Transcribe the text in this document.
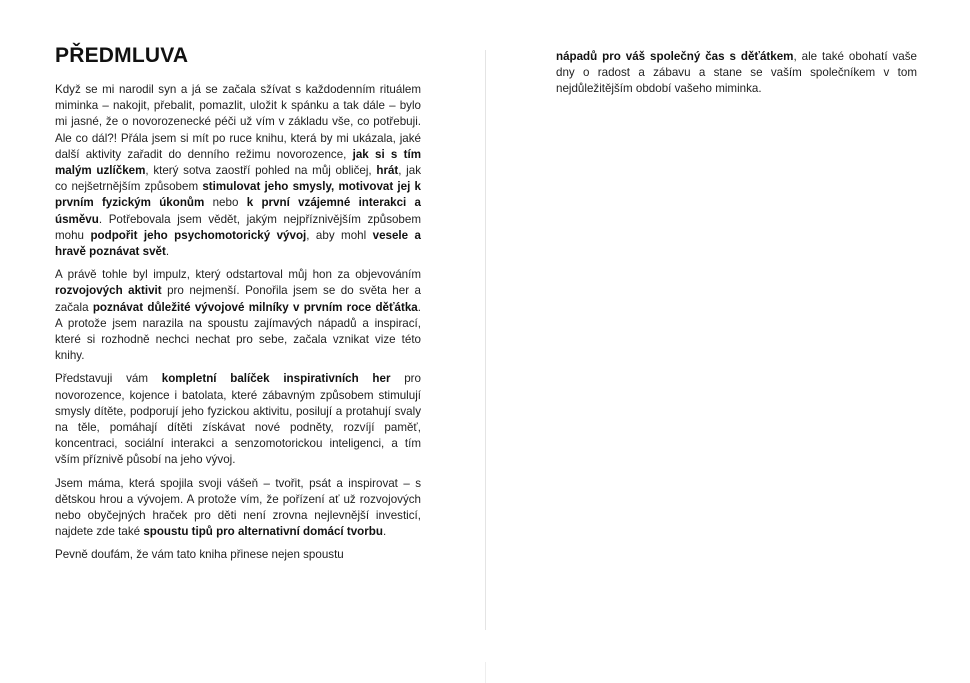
PŘEDMLUVA

Když se mi narodil syn a já se začala sžívat s každodenním rituálem miminka – nakojit, přebalit, pomazlit, uložit k spánku a tak dále – bylo mi jasné, že o novorozenecké péči už vím v základu vše, co potřebuji. Ale co dál?! Přála jsem si mít po ruce knihu, která by mi ukázala, jaké další aktivity zařadit do denního režimu novorozence, jak si s tím malým uzlíčkem, který sotva zaostří pohled na můj obličej, hrát, jak co nejšetrnějším způsobem stimulovat jeho smysly, motivovat jej k prvním fyzickým úkonům nebo k první vzájemné interakci a úsměvu. Potřebovala jsem vědět, jakým nejpříznivějším způsobem mohu podpořit jeho psychomotorický vývoj, aby mohl vesele a hravě poznávat svět.

A právě tohle byl impulz, který odstartoval můj hon za objevováním rozvojových aktivit pro nejmenší. Ponořila jsem se do světa her a začala poznávat důležité vývojové milníky v prvním roce děťátka. A protože jsem narazila na spoustu zajímavých nápadů a inspirací, které si rozhodně nechci nechat pro sebe, začala vznikat vize této knihy.

Představuji vám kompletní balíček inspirativních her pro novorozence, kojence i batolata, které zábavným způsobem stimulují smysly dítěte, podporují jeho fyzickou aktivitu, posilují a protahují svaly na těle, pomáhají dítěti získávat nové podněty, rozvíjí paměť, koncentraci, sociální interakci a senzomotorickou inteligenci, a tím vším příznivě působí na jeho vývoj.

Jsem máma, která spojila svoji vášeň – tvořit, psát a inspirovat – s dětskou hrou a vývojem. A protože vím, že pořízení ať už rozvojových nebo obyčejných hraček pro děti není zrovna nejlevnější investicí, najdete zde také spoustu tipů pro alternativní domácí tvorbu.

Pevně doufám, že vám tato kniha přinese nejen spoustu

nápadů pro váš společný čas s děťátkem, ale také obohatí vaše dny o radost a zábavu a stane se vaším společníkem v tom nejdůležitějším období vašeho miminka.
